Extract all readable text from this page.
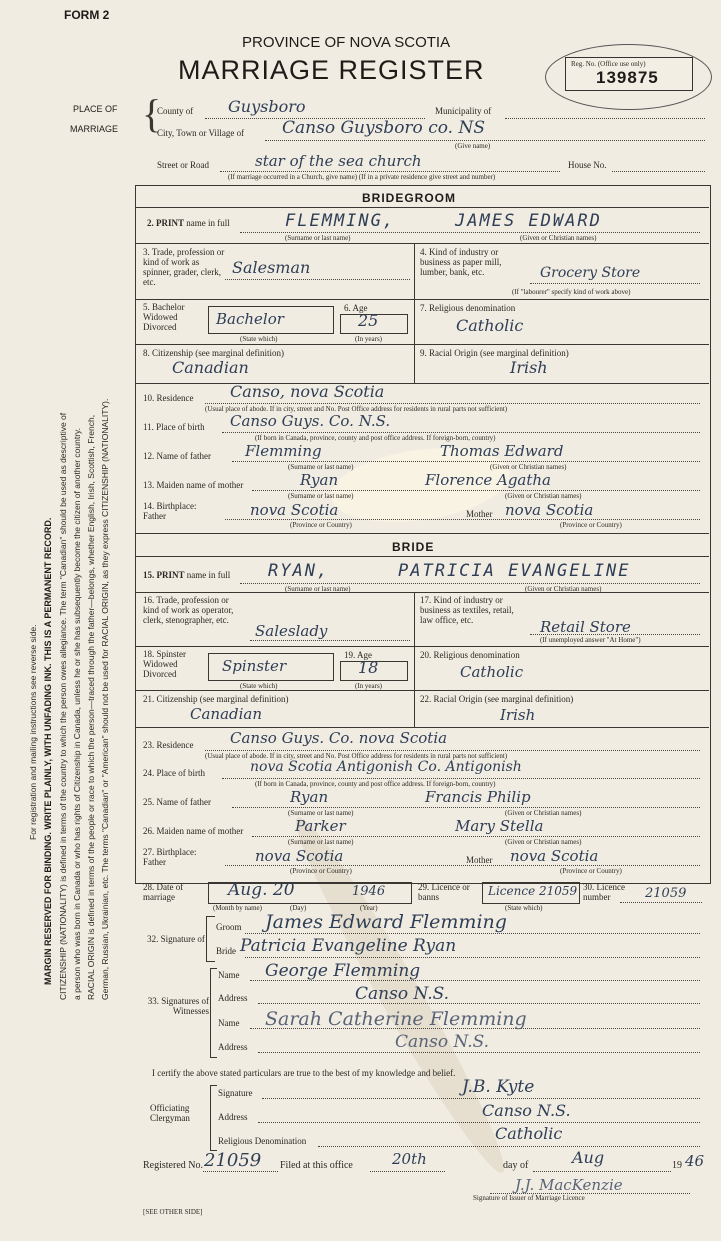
For registration and mailing instructions see reverse side. MARGIN RESERVED FOR BINDING. WRITE PLAINLY, WITH UNFADING INK. THIS IS A PERMANENT RECORD. CITIZENSHIP (NATIONALITY) is defined in terms of the country to which the person owes allegiance. The term "Canadian" should be used as descriptive of a person who was born in Canada or who has rights of Citizenship in Canada, unless he or she has subsequently become the citizen of another country. RACIAL ORIGIN is defined in terms of the people or race to which the person—traced through the father—belongs, whether English, Irish, Scottish, French, German, Russian, Ukrainian, etc. The terms "Canadian" or "American" should not be used for RACIAL ORIGIN, as they express CITIZENSHIP (NATIONALITY).
FORM 2
PROVINCE OF NOVA SCOTIA
MARRIAGE REGISTER	Reg. No. (Office use only)
139875
PLACE OF
MARRIAGE {
County of Guysboro	Municipality of
City, Town or Village of Canso Guysboro co. NS
(Give name)
Street or Road	star of the sea church	House No.
(If marriage occurred in a Church, give name) (If in a private residence give street and number)
BRIDEGROOM
2. PRINT name in full	FLEMMING,	JAMES EDWARD
(Surname or last name)	(Given or Christian names)
3. Trade, profession or kind of work as spinner, grader, clerk, etc.
Salesman
4. Kind of industry or business as paper mill, lumber, bank, etc.	Grocery Store
(If "labourer" specify kind of work above)
5. Bachelor Widowed Divorced	Bachelor
(State which)
6. Age
25
(In years)
7. Religious denomination
Catholic
8. Citizenship (see marginal definition)
Canadian
9. Racial Origin (see marginal definition)
Irish
10. Residence Canso, nova Scotia
(Usual place of abode. If in city, street and No. Post Office address for residents in rural parts not sufficient)
11. Place of birth Canso Guys. Co. N.S.
(If born in Canada, province, county and post office address. If foreign-born, country)
12. Name of father Flemming	Thomas Edward
(Surname or last name)	(Given or Christian names)
13. Maiden name of mother	Ryan	Florence Agatha
(Surname or last name)	(Given or Christian names)
14. Birthplace: Father	nova Scotia	Mother nova Scotia
(Province or Country)	(Province or Country)
BRIDE
15. PRINT name in full RYAN,	PATRICIA EVANGELINE
(Surname or last name)	(Given or Christian names)
16. Trade, profession or kind of work as operator, clerk, stenographer, etc.
Saleslady
17. Kind of industry or business as textiles, retail, law office, etc.	Retail Store
(If unemployed answer "At Home")
18. Spinster Widowed Divorced	Spinster
(State which)
19. Age
18
(In years)
20. Religious denomination
Catholic
21. Citizenship (see marginal definition)
Canadian
22. Racial Origin (see marginal definition)
Irish
23. Residence Canso Guys. Co. nova Scotia
(Usual place of abode. If in city, street and No. Post Office address for residents in rural parts not sufficient)
24. Place of birth	nova Scotia Antigonish Co. Antigonish
(If born in Canada, province, county and post office address. If foreign-born, country)
25. Name of father	Ryan	Francis Philip
(Surname or last name)	(Given or Christian names)
26. Maiden name of mother	Parker	Mary Stella
(Surname or last name)	(Given or Christian names)
27. Birthplace: Father	nova Scotia	Mother nova Scotia
(Province or Country)	(Province or Country)
28. Date of marriage	Aug. 20	1946
(Month by name)	(Day)	(Year)
29. Licence or banns	Licence 21059
(State which)
30. Licence number	21059
32. Signature of
Groom James Edward Flemming
Bride Patricia Evangeline Ryan
33. Signatures of Witnesses
Name George Flemming
Address	Canso N.S.
Name Sarah Catherine Flemming
Address	Canso N.S.
I certify the above stated particulars are true to the best of my knowledge and belief.
Officiating Clergyman
Signature	J.B. Kyte
Address	Canso N.S.
Religious Denomination	Catholic
Registered No. 21059 Filed at this office	20th	day of	Aug	19 46
J.J. MacKenzie
Signature of Issuer of Marriage Licence
[SEE OTHER SIDE]
